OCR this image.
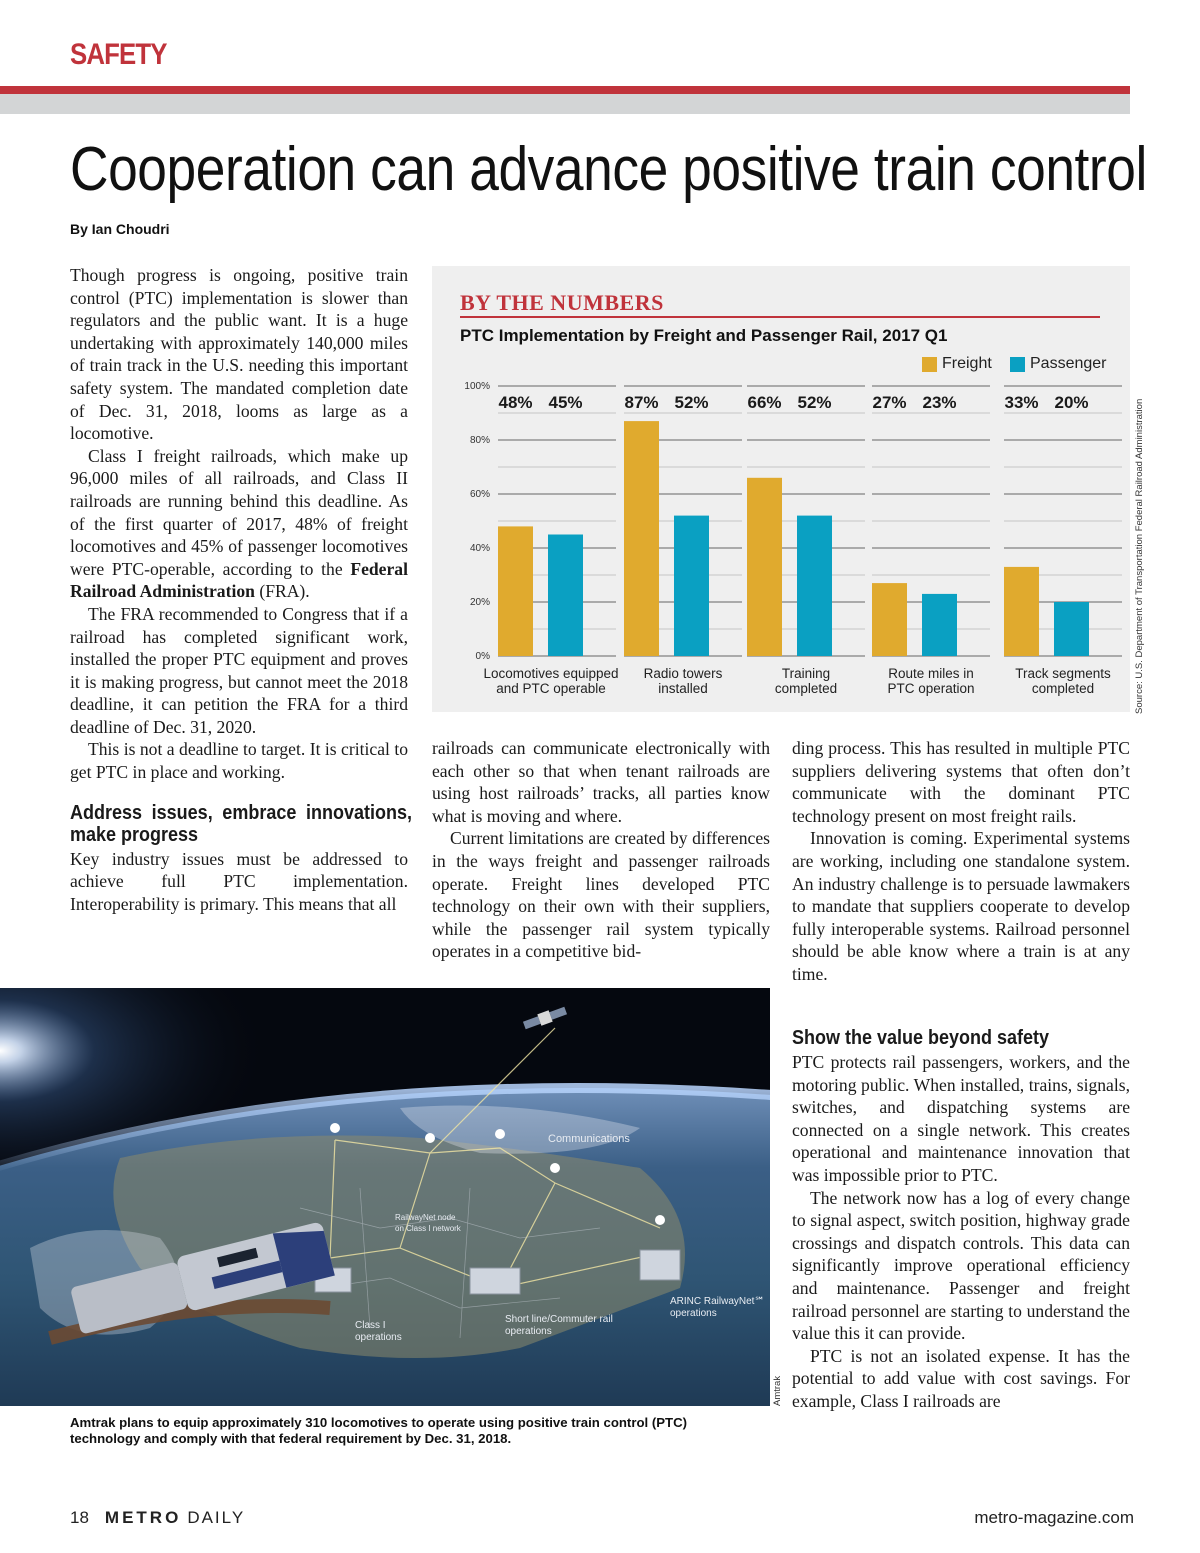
SAFETY
Cooperation can advance positive train control
By Ian Choudri

Though progress is ongoing, positive train control (PTC) implementation is slower than regulators and the public want. It is a huge undertaking with approximately 140,000 miles of train track in the U.S. needing this important safety system. The mandated completion date of Dec. 31, 2018, looms as large as a locomotive.

Class I freight railroads, which make up 96,000 miles of all railroads, and Class II railroads are running behind this deadline. As of the first quarter of 2017, 48% of freight locomotives and 45% of passenger locomotives were PTC-operable, according to the Federal Railroad Administration (FRA).

The FRA recommended to Congress that if a railroad has completed significant work, installed the proper PTC equipment and proves it is making progress, but cannot meet the 2018 deadline, it can petition the FRA for a third deadline of Dec. 31, 2020.

This is not a deadline to target. It is critical to get PTC in place and working.

Address issues, embrace innovations, make progress

Key industry issues must be addressed to achieve full PTC implementation. Interoperability is primary. This means that all

BY THE NUMBERS
PTC Implementation by Freight and Passenger Rail, 2017 Q1
Freight Passenger
0%
20%
40%
60%
80%
100%
48%	87%	66%	27%	33%
45%	52%	52%	23%	20%
Locomotives equipped
and PTC operable
Radio towers
installed
Training
completed
Route miles in
PTC operation
Track segments
completed	Source: U.S. Department of Transportation Federal Railroad Administration

railroads can communicate electronically with each other so that when tenant railroads are using host railroads’ tracks, all parties know what is moving and where.

Current limitations are created by differences in the ways freight and passenger railroads operate. Freight lines developed PTC technology on their own with their suppliers, while the passenger rail system typically operates in a competitive bid-

ding process. This has resulted in multiple PTC suppliers delivering systems that often don’t communicate with the dominant PTC technology present on most freight rails.

Innovation is coming. Experimental systems are working, including one standalone system. An industry challenge is to persuade lawmakers to mandate that suppliers cooperate to develop fully interoperable systems. Railroad personnel should be able know where a train is at any time.

Show the value beyond safety

PTC protects rail passengers, workers, and the motoring public. When installed, trains, signals, switches, and dispatching systems are connected on a single network. This creates operational and maintenance innovation that was impossible prior to PTC.

The network now has a log of every change to signal aspect, switch position, highway grade crossings and dispatch controls. This data can significantly improve operational efficiency and maintenance. Passenger and freight railroad personnel are starting to understand the value this it can provide.

PTC is not an isolated expense. It has the potential to add value with cost savings. For example, Class I railroads are

Communications
RailwayNet node
on Class I network
Class I
operations
Short line/Commuter rail
operations
ARINC RailwayNet℠
operations
Amtrak
Amtrak plans to equip approximately 310 locomotives to operate using positive train control (PTC) technology and comply with that federal requirement by Dec. 31, 2018.
18 METRO DAILY	metro-magazine.com
